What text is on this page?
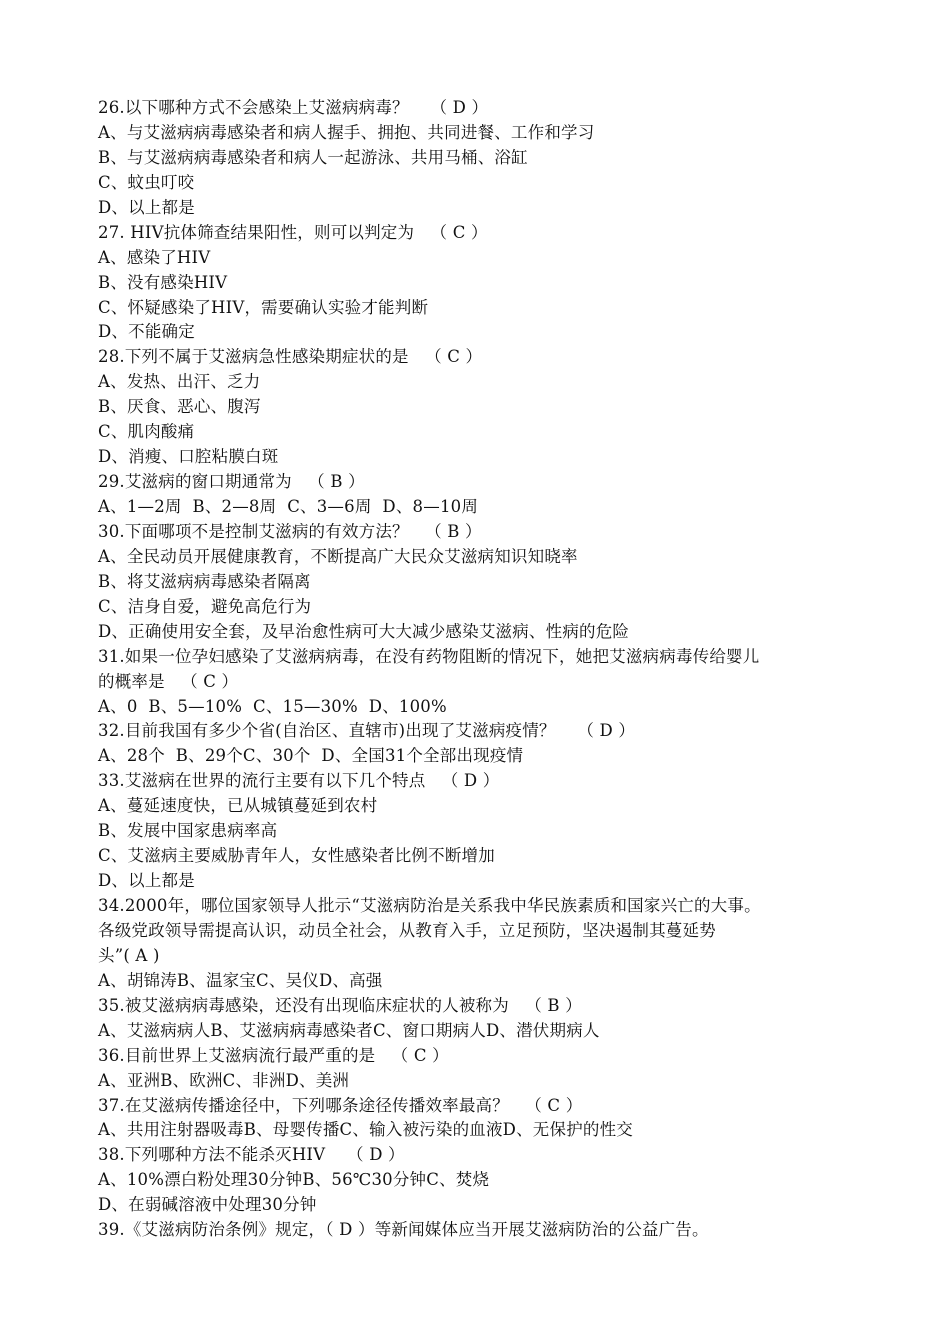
26.以下哪种方式不会感染上艾滋病病毒？    （ D ）
A、与艾滋病病毒感染者和病人握手、拥抱、共同进餐、工作和学习
B、与艾滋病病毒感染者和病人一起游泳、共用马桶、浴缸
C、蚊虫叮咬
D、以上都是
27. HIV抗体筛查结果阳性，则可以判定为   （ C ）
A、感染了HIV
B、没有感染HIV
C、怀疑感染了HIV，需要确认实验才能判断
D、不能确定
28.下列不属于艾滋病急性感染期症状的是   （ C ）
A、发热、出汗、乏力
B、厌食、恶心、腹泻
C、肌肉酸痛
D、消瘦、口腔粘膜白斑
29.艾滋病的窗口期通常为   （ B ）
A、1—2周  B、2—8周  C、3—6周  D、8—10周
30.下面哪项不是控制艾滋病的有效方法？   （ B ）
A、全民动员开展健康教育，不断提高广大民众艾滋病知识知晓率
B、将艾滋病病毒感染者隔离
C、洁身自爱，避免高危行为
D、正确使用安全套，及早治愈性病可大大减少感染艾滋病、性病的危险
31.如果一位孕妇感染了艾滋病病毒，在没有药物阻断的情况下，她把艾滋病病毒传给婴儿
的概率是   （ C ）
A、0  B、5—10%  C、15—30%  D、100%
32.目前我国有多少个省(自治区、直辖市)出现了艾滋病疫情？    （ D ）
A、28个  B、29个C、30个  D、全国31个全部出现疫情
33.艾滋病在世界的流行主要有以下几个特点   （ D ）
A、蔓延速度快，已从城镇蔓延到农村
B、发展中国家患病率高
C、艾滋病主要威胁青年人，女性感染者比例不断增加
D、以上都是
34.2000年，哪位国家领导人批示“艾滋病防治是关系我中华民族素质和国家兴亡的大事。
各级党政领导需提高认识，动员全社会，从教育入手，立足预防，坚决遏制其蔓延势
头”( A )
A、胡锦涛B、温家宝C、吴仪D、高强
35.被艾滋病病毒感染，还没有出现临床症状的人被称为   （ B ）
A、艾滋病病人B、艾滋病病毒感染者C、窗口期病人D、潜伏期病人
36.目前世界上艾滋病流行最严重的是   （ C ）
A、亚洲B、欧洲C、非洲D、美洲
37.在艾滋病传播途径中，下列哪条途径传播效率最高？   （ C ）
A、共用注射器吸毒B、母婴传播C、输入被污染的血液D、无保护的性交
38.下列哪种方法不能杀灭HIV    （ D ）
A、10%漂白粉处理30分钟B、56℃30分钟C、焚烧
D、在弱碱溶液中处理30分钟
39.《艾滋病防治条例》规定，（ D ）等新闻媒体应当开展艾滋病防治的公益广告。
